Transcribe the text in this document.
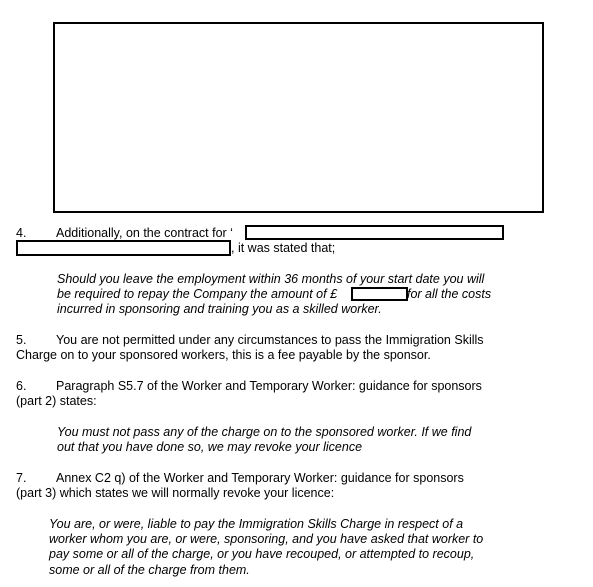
4. Additionally, on the contract for ‘
, it was stated that;
Should you leave the employment within 36 months of your start date you will
be required to repay the Company the amount of £	for all the costs
incurred in sponsoring and training you as a skilled worker.
5. You are not permitted under any circumstances to pass the Immigration Skills
Charge on to your sponsored workers, this is a fee payable by the sponsor.
6. Paragraph S5.7 of the Worker and Temporary Worker: guidance for sponsors
(part 2) states:
You must not pass any of the charge on to the sponsored worker. If we find
out that you have done so, we may revoke your licence
7. Annex C2 q) of the Worker and Temporary Worker: guidance for sponsors
(part 3) which states we will normally revoke your licence:
You are, or were, liable to pay the Immigration Skills Charge in respect of a
worker whom you are, or were, sponsoring, and you have asked that worker to
pay some or all of the charge, or you have recouped, or attempted to recoup,
some or all of the charge from them.
